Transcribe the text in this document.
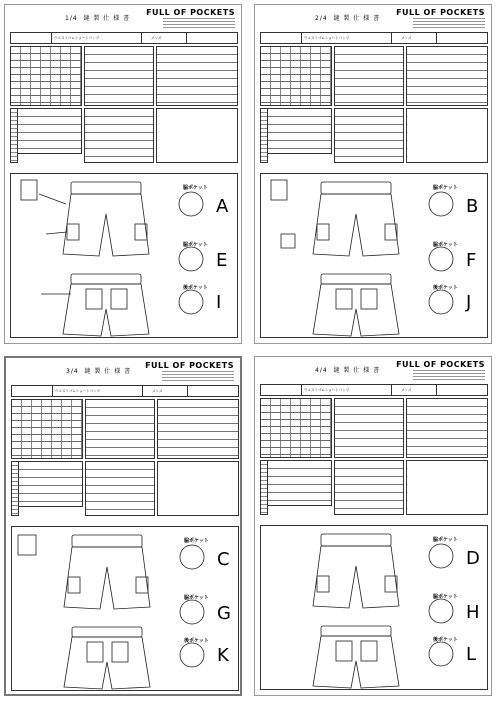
1/4 縫 製 仕 様 書
FULL OF POCKETS
ウエストゴムショートパンツ	メンズ
脇ポケット
脇ポケット
後ポケット
A
E
I
2/4 縫 製 仕 様 書
FULL OF POCKETS
ウエストゴムショートパンツ	メンズ
脇ポケット
脇ポケット
後ポケット
B
F
J
3/4 縫 製 仕 様 書
FULL OF POCKETS
ウエストゴムショートパンツ	メンズ
脇ポケット
脇ポケット
後ポケット
C
G
K
4/4 縫 製 仕 様 書
FULL OF POCKETS
ウエストゴムショートパンツ	メンズ
脇ポケット
脇ポケット
後ポケット
D
H
L
